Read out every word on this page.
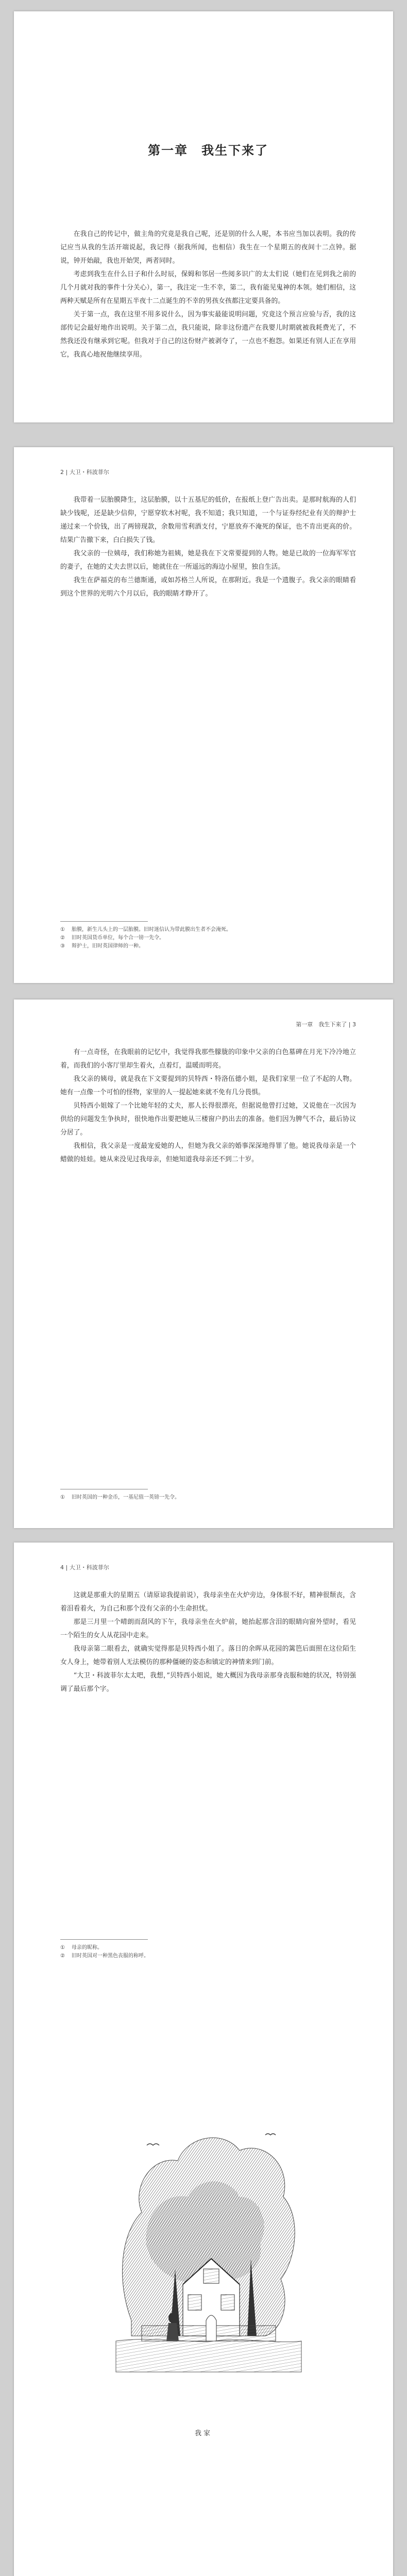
第一章　我生下来了

在我自己的传记中，做主角的究竟是我自己呢，还是别的什么人呢，本书应当加以表明。我的传记应当从我的生活开端说起，我记得（据我所闻，也相信）我生在一个星期五的夜间十二点钟。据说，钟开始敲，我也开始哭，两者同时。

考虑到我生在什么日子和什么时辰，保姆和邻居一些阅多识广的太太们说（她们在见到我之前的几个月就对我的事件十分关心），第一，我注定一生不幸，第二，我有能见鬼神的本领。她们相信，这两种天赋是所有在星期五半夜十二点诞生的不幸的男孩女孩都注定要具备的。

关于第一点，我在这里不用多说什么，因为事实最能说明问题，究竟这个预言应验与否，我的这部传记会最好地作出说明。关于第二点，我只能说，除非这份遗产在我婴儿时期就被我耗费光了，不然我还没有继承到它呢。但我对于自己的这份财产被剥夺了，一点也不抱怨。如果还有别人正在享用它，我真心地祝他继续享用。

2 | 大卫・科波菲尔

我带着一层胎膜降生，这层胎膜，以十五基尼的低价，在报纸上登广告出卖。是那时航海的人们缺少钱呢，还是缺少信仰，宁愿穿软木衬呢，我不知道；我只知道，一个与证券经纪业有关的辩护士递过来一个价钱，出了两镑现款，余数用雪利酒支付，宁愿放弃不淹死的保证，也不肯出更高的价。结果广告撤下来，白白损失了钱。

我父亲的一位姨母，我们称她为祖姨，她是我在下文常要提到的人物。她是已故的一位海军军官的妻子，在她的丈夫去世以后，她就住在一所遥远的海边小屋里，独自生活。

我生在萨福克的布兰德斯通，或如苏格兰人所说，在那附近。我是一个遗腹子。我父亲的眼睛看到这个世界的光明六个月以后，我的眼睛才睁开了。

① 胎膜，新生儿头上的一层胎膜。旧时迷信认为带此膜出生者不会淹死。

② 旧时英国货币单位，每个合一镑一先令。

③ 辩护士，旧时英国律师的一种。

第一章　我生下来了 | 3

有一点奇怪，在我眼前的记忆中，我觉得我那些朦胧的印象中父亲的白色墓碑在月光下冷冷地立着，而我们的小客厅里却生着火，点着灯，温暖而明亮。

我父亲的姨母，就是我在下文要提到的贝特西・特洛伍德小姐，是我们家里一位了不起的人物。她有一点像一个可怕的怪物，家里的人一提起她来就不免有几分畏惧。

贝特西小姐嫁了一个比她年轻的丈夫，那人长得很漂亮，但据说他曾打过她，又说他在一次因为供给的问题发生争执时，很快地作出要把她从三楼窗户扔出去的准备。他们因为脾气不合，最后协议分居了。

我相信，我父亲是一度最宠爱她的人，但她为我父亲的婚事深深地得罪了他。她说我母亲是一个蜡做的娃娃。她从来没见过我母亲，但她知道我母亲还不到二十岁。

① 旧时英国的一种金币，一基尼值一英镑一先令。

4 | 大卫・科波菲尔

这就是那重大的星期五（请原谅我提前说），我母亲坐在火炉旁边，身体很不好，精神很颓丧，含着泪看着火，为自己和那个没有父亲的小生命担忧。

那是三月里一个晴朗而刮风的下午，我母亲坐在火炉前，她抬起那含泪的眼睛向窗外望时，看见一个陌生的女人从花园中走来。

我母亲第二眼看去，就确实觉得那是贝特西小姐了。落日的余晖从花园的篱笆后面照在这位陌生女人身上，她带着别人无法模仿的那种僵硬的姿态和镇定的神情来到门前。

“大卫・科波菲尔太太吧，我想，”贝特西小姐说，她大概因为我母亲那身丧服和她的状况，特别强调了最后那个字。

① 母亲的昵称。

② 旧时英国对一种黑色丧服的称呼。

我家
